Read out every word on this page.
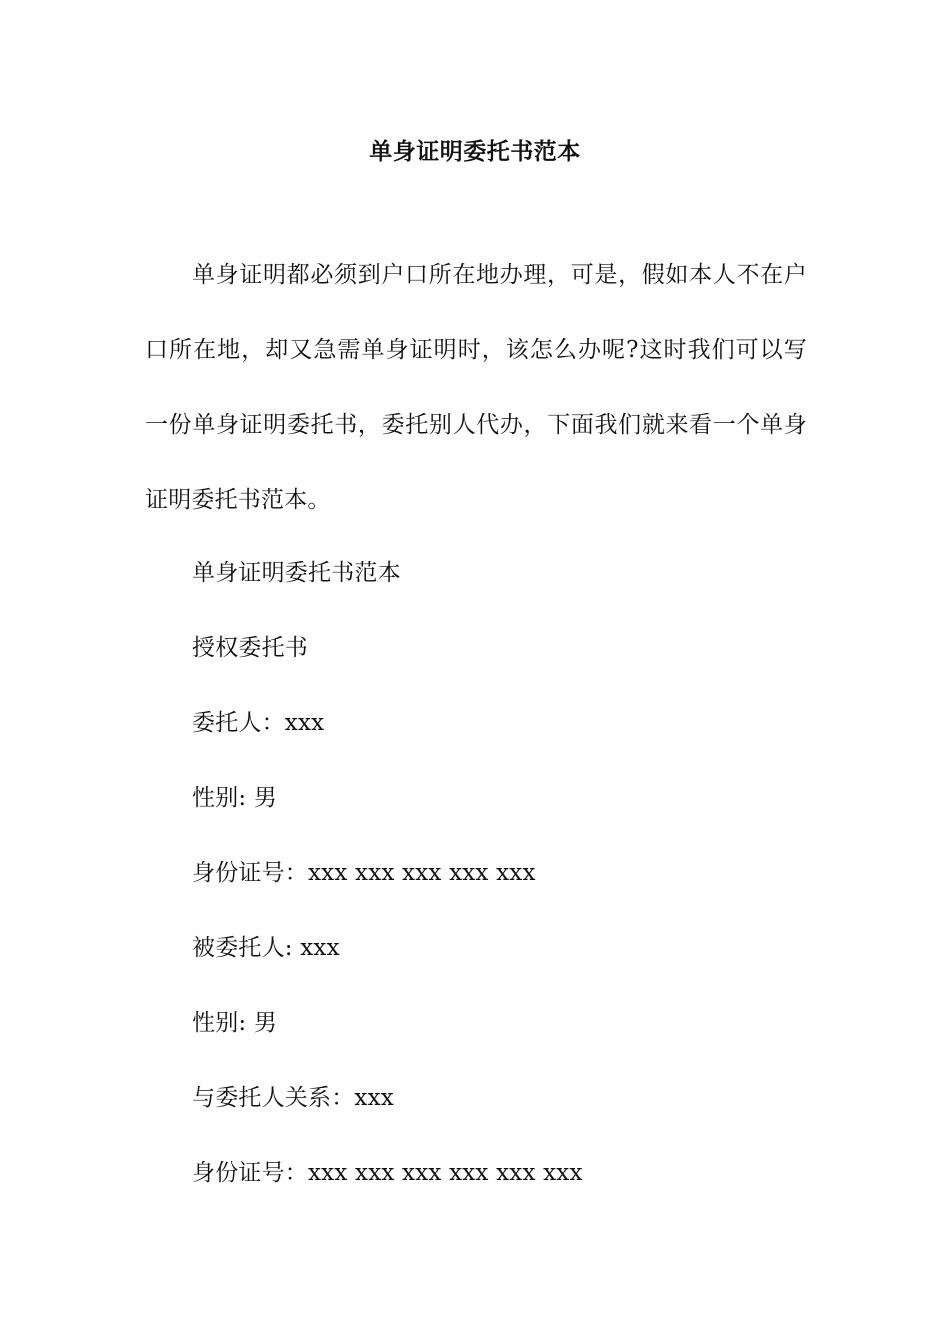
单身证明委托书范本

单身证明都必须到户口所在地办理，可是，假如本人不在户口所在地，却又急需单身证明时，该怎么办呢?这时我们可以写一份单身证明委托书，委托别人代办，下面我们就来看一个单身证明委托书范本。

单身证明委托书范本
授权委托书
委托人：xxx
性别: 男
身份证号：xxx xxx xxx xxx xxx
被委托人: xxx
性别: 男
与委托人关系：xxx
身份证号：xxx xxx xxx xxx xxx xxx
